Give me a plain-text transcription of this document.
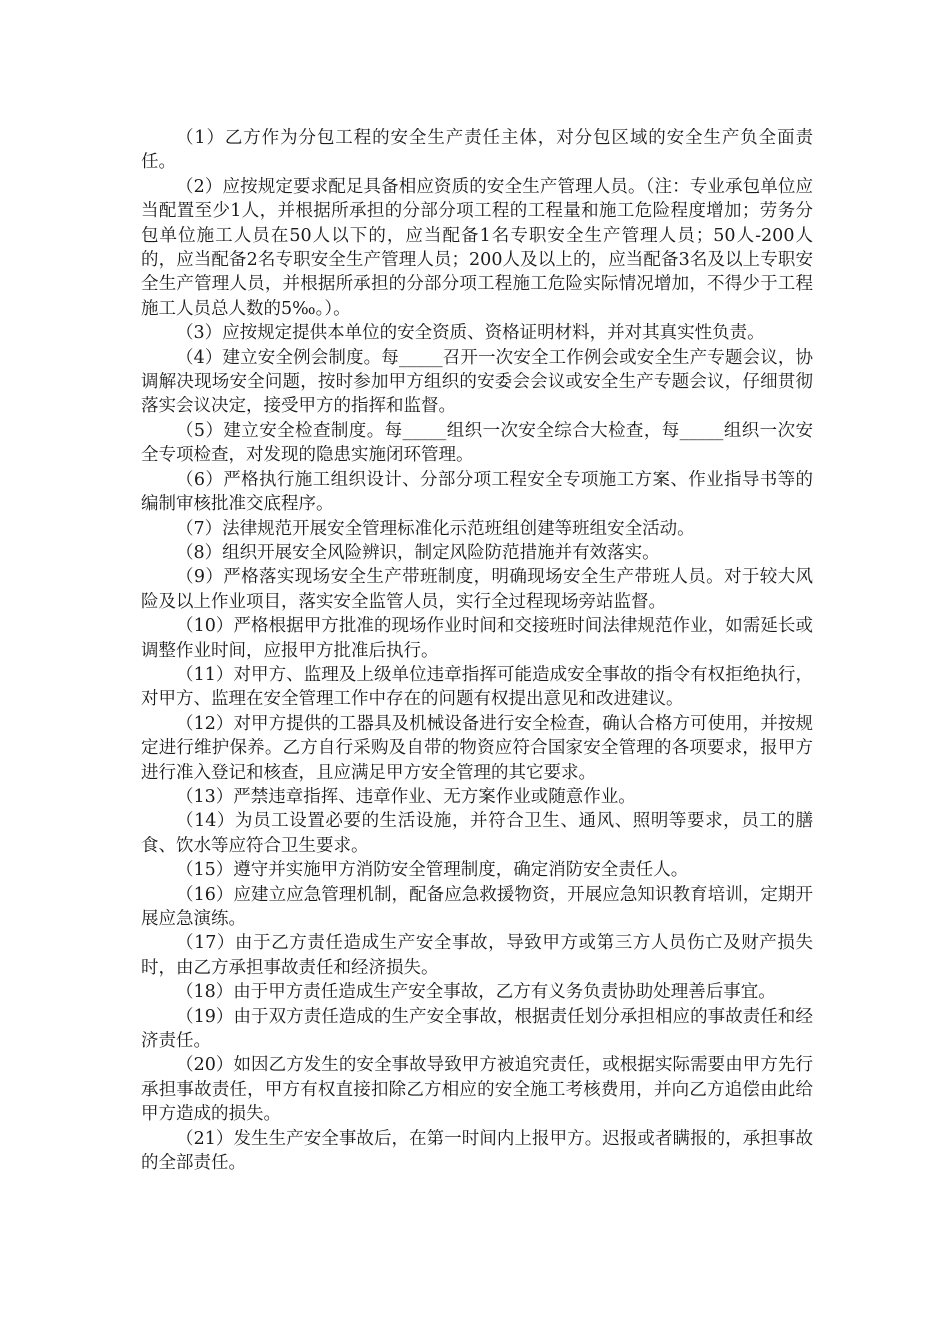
（1）乙方作为分包工程的安全生产责任主体，对分包区域的安全生产负全面责任。

（2）应按规定要求配足具备相应资质的安全生产管理人员。（注：专业承包单位应当配置至少1人，并根据所承担的分部分项工程的工程量和施工危险程度增加；劳务分包单位施工人员在50人以下的，应当配备1名专职安全生产管理人员；50人-200人的，应当配备2名专职安全生产管理人员；200人及以上的，应当配备3名及以上专职安全生产管理人员，并根据所承担的分部分项工程施工危险实际情况增加，不得少于工程施工人员总人数的5‰。）。

（3）应按规定提供本单位的安全资质、资格证明材料，并对其真实性负责。

（4）建立安全例会制度。每_____召开一次安全工作例会或安全生产专题会议，协调解决现场安全问题，按时参加甲方组织的安委会会议或安全生产专题会议，仔细贯彻落实会议决定，接受甲方的指挥和监督。

（5）建立安全检查制度。每_____组织一次安全综合大检查，每_____组织一次安全专项检查，对发现的隐患实施闭环管理。

（6）严格执行施工组织设计、分部分项工程安全专项施工方案、作业指导书等的编制审核批准交底程序。

（7）法律规范开展安全管理标准化示范班组创建等班组安全活动。

（8）组织开展安全风险辨识，制定风险防范措施并有效落实。

（9）严格落实现场安全生产带班制度，明确现场安全生产带班人员。对于较大风险及以上作业项目，落实安全监管人员，实行全过程现场旁站监督。

（10）严格根据甲方批准的现场作业时间和交接班时间法律规范作业，如需延长或调整作业时间，应报甲方批准后执行。

（11）对甲方、监理及上级单位违章指挥可能造成安全事故的指令有权拒绝执行，对甲方、监理在安全管理工作中存在的问题有权提出意见和改进建议。

（12）对甲方提供的工器具及机械设备进行安全检查，确认合格方可使用，并按规定进行维护保养。乙方自行采购及自带的物资应符合国家安全管理的各项要求，报甲方进行准入登记和核查，且应满足甲方安全管理的其它要求。

（13）严禁违章指挥、违章作业、无方案作业或随意作业。

（14）为员工设置必要的生活设施，并符合卫生、通风、照明等要求，员工的膳食、饮水等应符合卫生要求。

（15）遵守并实施甲方消防安全管理制度，确定消防安全责任人。

（16）应建立应急管理机制，配备应急救援物资，开展应急知识教育培训，定期开展应急演练。

（17）由于乙方责任造成生产安全事故，导致甲方或第三方人员伤亡及财产损失时，由乙方承担事故责任和经济损失。

（18）由于甲方责任造成生产安全事故，乙方有义务负责协助处理善后事宜。

（19）由于双方责任造成的生产安全事故，根据责任划分承担相应的事故责任和经济责任。

（20）如因乙方发生的安全事故导致甲方被追究责任，或根据实际需要由甲方先行承担事故责任，甲方有权直接扣除乙方相应的安全施工考核费用，并向乙方追偿由此给甲方造成的损失。

（21）发生生产安全事故后，在第一时间内上报甲方。迟报或者瞒报的，承担事故的全部责任。
